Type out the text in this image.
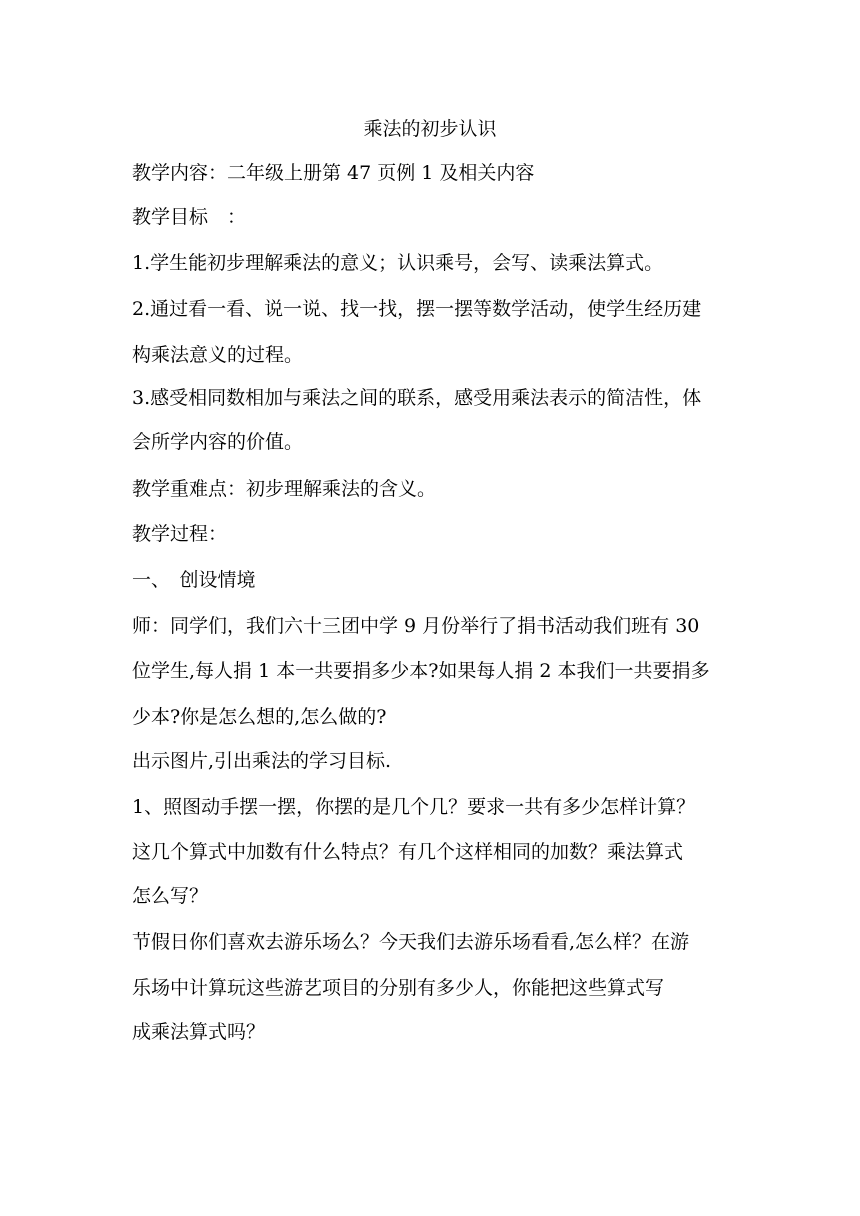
乘法的初步认识
教学内容：二年级上册第 47 页例 1 及相关内容
教学目标　：
1.学生能初步理解乘法的意义；认识乘号，会写、读乘法算式。
2.通过看一看、说一说、找一找，摆一摆等数学活动，使学生经历建
构乘法意义的过程。
3.感受相同数相加与乘法之间的联系，感受用乘法表示的简洁性，体
会所学内容的价值。
教学重难点：初步理解乘法的含义。
教学过程：
一、　创设情境
师：同学们，我们六十三团中学 9 月份举行了捐书活动我们班有 30
位学生,每人捐 1 本一共要捐多少本?如果每人捐 2 本我们一共要捐多
少本?你是怎么想的,怎么做的?
出示图片,引出乘法的学习目标.
1、照图动手摆一摆，你摆的是几个几？要求一共有多少怎样计算？
这几个算式中加数有什么特点？有几个这样相同的加数？乘法算式
怎么写？
节假日你们喜欢去游乐场么？今天我们去游乐场看看,怎么样？在游
乐场中计算玩这些游艺项目的分别有多少人，你能把这些算式写
成乘法算式吗？
